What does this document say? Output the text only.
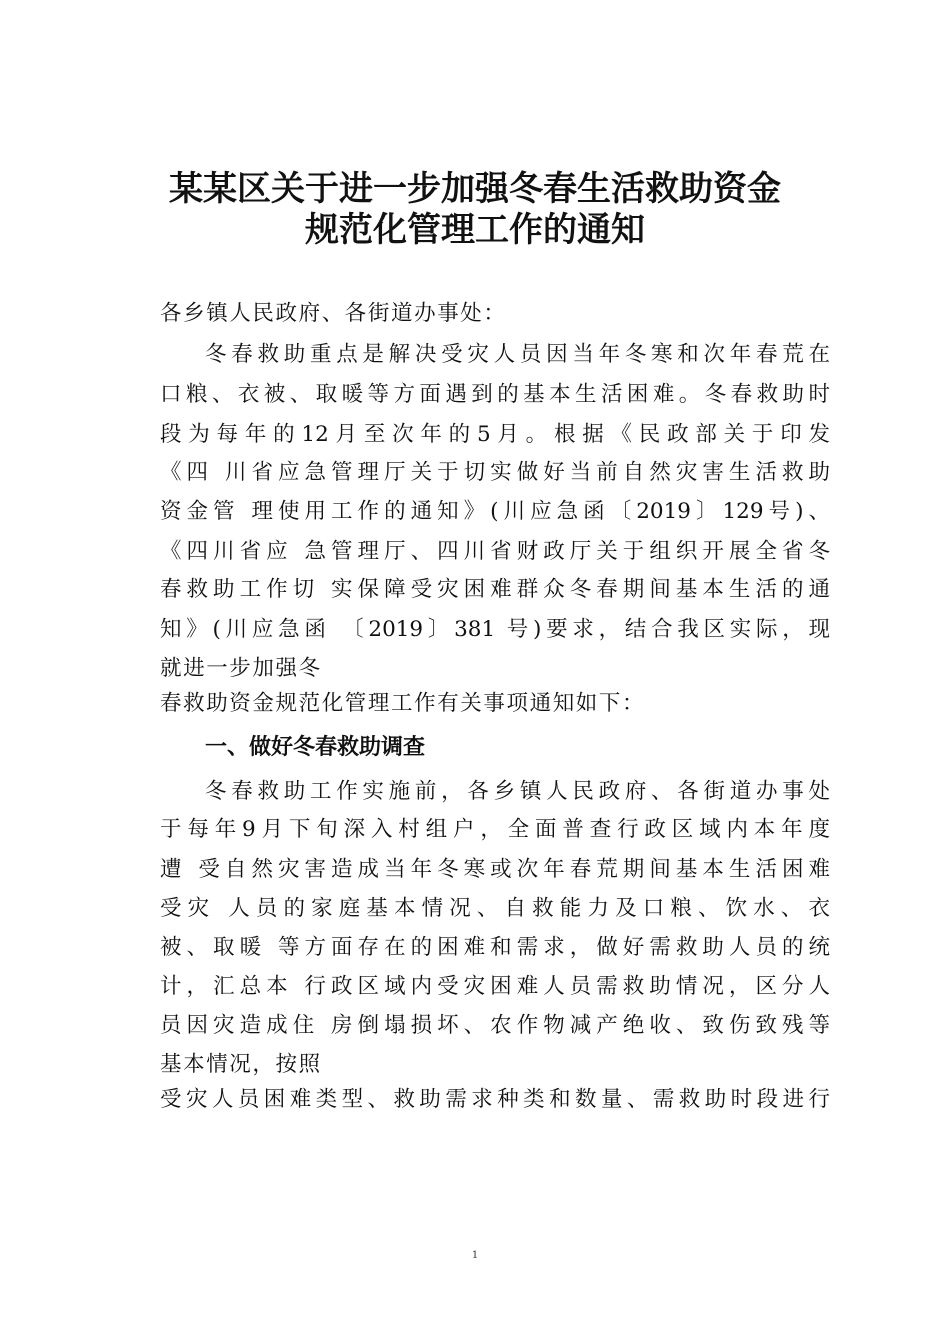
某某区关于进一步加强冬春生活救助资金
规范化管理工作的通知
各乡镇人民政府、各街道办事处：
冬春救助重点是解决受灾人员因当年冬寒和次年春荒在
口粮、衣被、取暖等方面遇到的基本生活困难。冬春救助时
段为每年的12月至次年的5月。根据《民政部关于印发
《四 川省应急管理厅关于切实做好当前自然灾害生活救助
资金管 理使用工作的通知》(川应急函〔2019〕129号)、
《四川省应 急管理厅、四川省财政厅关于组织开展全省冬
春救助工作切 实保障受灾困难群众冬春期间基本生活的通
知》(川应急函 〔2019〕381 号)要求，结合我区实际，现
就进一步加强冬
春救助资金规范化管理工作有关事项通知如下：
一、做好冬春救助调查
冬春救助工作实施前，各乡镇人民政府、各街道办事处
于每年9月下旬深入村组户，全面普查行政区域内本年度
遭 受自然灾害造成当年冬寒或次年春荒期间基本生活困难
受灾 人员的家庭基本情况、自救能力及口粮、饮水、衣
被、取暖 等方面存在的困难和需求，做好需救助人员的统
计，汇总本 行政区域内受灾困难人员需救助情况，区分人
员因灾造成住 房倒塌损坏、农作物减产绝收、致伤致残等
基本情况，按照
受灾人员困难类型、救助需求种类和数量、需救助时段进行
1
